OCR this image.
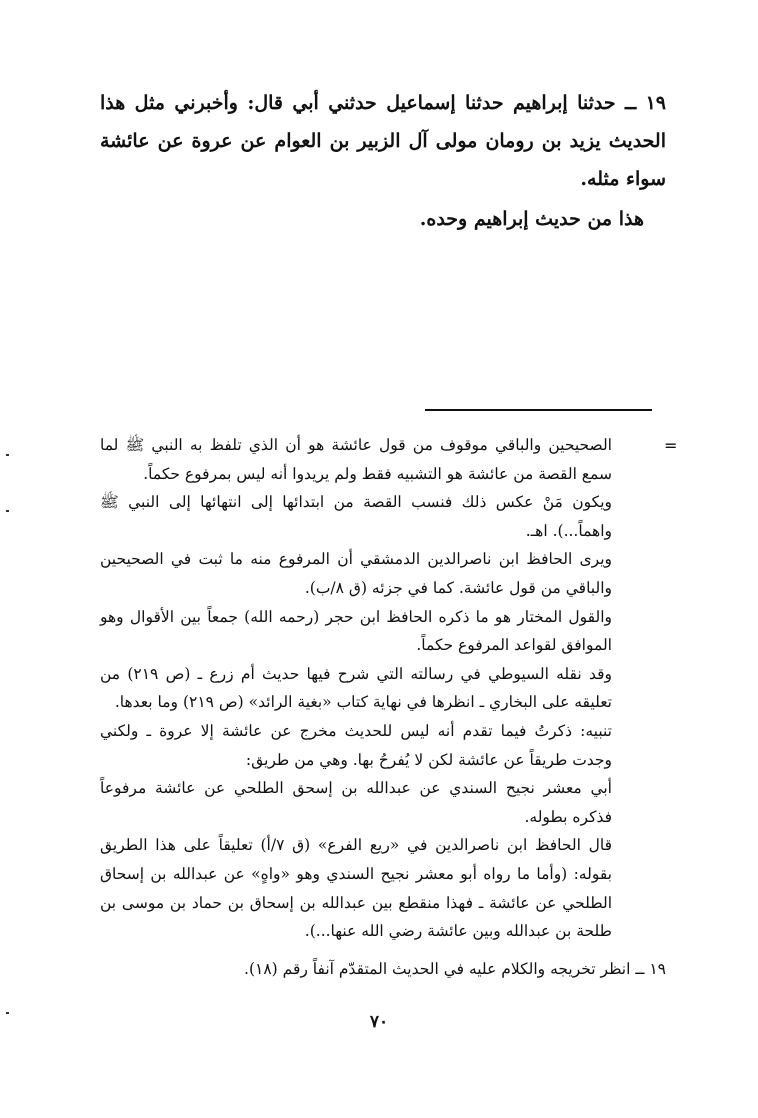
١٩ ــ حدثنا إبراهيم حدثنا إسماعيل حدثني أبي قال: وأخبرني مثل هذا الحديث يزيد بن رومان مولى آل الزبير بن العوام عن عروة عن عائشة سواء مثله.

هذا من حديث إبراهيم وحده.

=

الصحيحين والباقي موقوف من قول عائشة هو أن الذي تلفظ به النبي ﷺ لما سمع القصة من عائشة هو التشبيه فقط ولم يريدوا أنه ليس بمرفوع حكماً.

ويكون مَنْ عكس ذلك فنسب القصة من ابتدائها إلى انتهائها إلى النبي ﷺ واهماً...). اهـ.

ويرى الحافظ ابن ناصرالدين الدمشقي أن المرفوع منه ما ثبت في الصحيحين والباقي من قول عائشة. كما في جزئه (ق ٨/ب).

والقول المختار هو ما ذكره الحافظ ابن حجر (رحمه الله) جمعاً بين الأقوال وهو الموافق لقواعد المرفوع حكماً.

وقد نقله السيوطي في رسالته التي شرح فيها حديث أم زرع ـ (ص ٢١٩) من تعليقه على البخاري ـ انظرها في نهاية كتاب «بغية الرائد» (ص ٢١٩) وما بعدها.

تنبيه: ذكرتُ فيما تقدم أنه ليس للحديث مخرج عن عائشة إلا عروة ـ ولكني وجدت طريقاً عن عائشة لكن لا يُفرحُ بها. وهي من طريق:

أبي معشر نجيح السندي عن عبدالله بن إسحق الطلحي عن عائشة مرفوعاً فذكره بطوله.

قال الحافظ ابن ناصرالدين في «ريع الفرع» (ق ٧/أ) تعليقاً على هذا الطريق بقوله: (وأما ما رواه أبو معشر نجيح السندي وهو «واهٍ» عن عبدالله بن إسحاق الطلحي عن عائشة ـ فهذا منقطع بين عبدالله بن إسحاق بن حماد بن موسى بن طلحة بن عبدالله وبين عائشة رضي الله عنها...).

١٩ ــ انظر تخريجه والكلام عليه في الحديث المتقدّم آنفاً رقم (١٨).
٧٠
